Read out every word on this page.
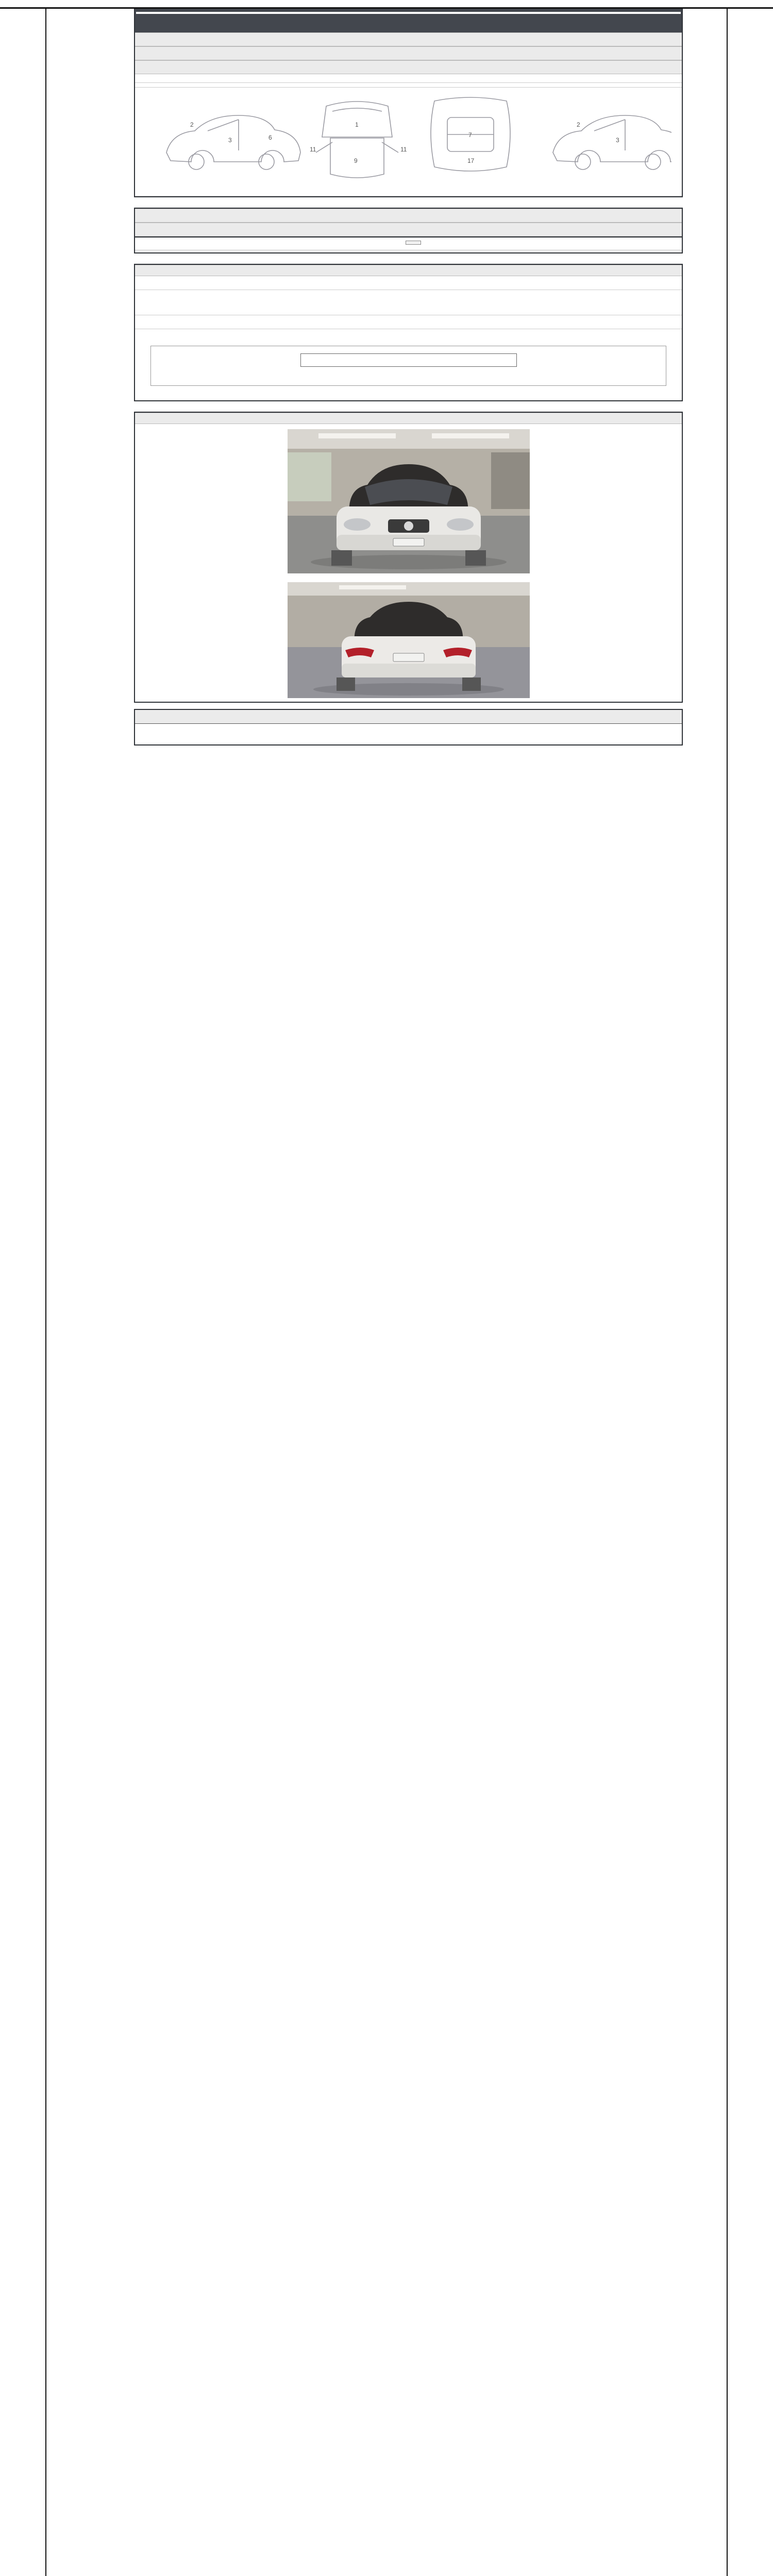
2
3	6
1
11	11
9
7
17
2
3
